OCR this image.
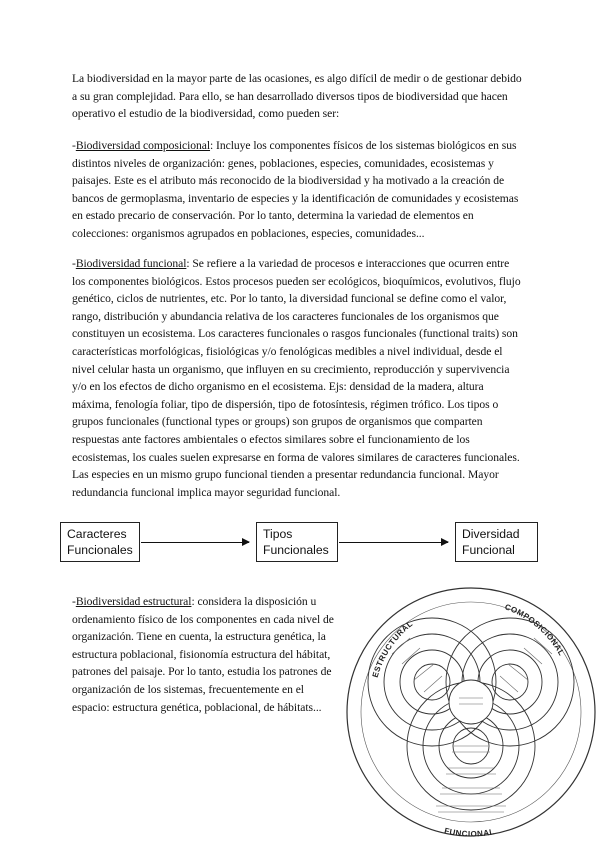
La biodiversidad en la mayor parte de las ocasiones, es algo difícil de medir o de gestionar debido a su gran complejidad. Para ello, se han desarrollado diversos tipos de biodiversidad que hacen operativo el estudio de la biodiversidad, como pueden ser:
-Biodiversidad composicional: Incluye los componentes físicos de los sistemas biológicos en sus distintos niveles de organización: genes, poblaciones, especies, comunidades, ecosistemas y paisajes. Este es el atributo más reconocido de la biodiversidad y ha motivado a la creación de bancos de germoplasma, inventario de especies y la identificación de comunidades y ecosistemas en estado precario de conservación. Por lo tanto, determina la variedad de elementos en colecciones: organismos agrupados en poblaciones, especies, comunidades...
-Biodiversidad funcional: Se refiere a la variedad de procesos e interacciones que ocurren entre los componentes biológicos. Estos procesos pueden ser ecológicos, bioquímicos, evolutivos, flujo genético, ciclos de nutrientes, etc. Por lo tanto, la diversidad funcional se define como el valor, rango, distribución y abundancia relativa de los caracteres funcionales de los organismos que constituyen un ecosistema. Los caracteres funcionales o rasgos funcionales (functional traits) son características morfológicas, fisiológicas y/o fenológicas medibles a nivel individual, desde el nivel celular hasta un organismo, que influyen en su crecimiento, reproducción y supervivencia y/o en los efectos de dicho organismo en el ecosistema. Ejs: densidad de la madera, altura máxima, fenología foliar, tipo de dispersión, tipo de fotosíntesis, régimen trófico. Los tipos o grupos funcionales (functional types or groups) son grupos de organismos que comparten respuestas ante factores ambientales o efectos similares sobre el funcionamiento de los ecosistemas, los cuales suelen expresarse en forma de valores similares de caracteres funcionales. Las especies en un mismo grupo funcional tienden a presentar redundancia funcional. Mayor redundancia funcional implica mayor seguridad funcional.
Caracteres Funcionales
Tipos Funcionales
Diversidad Funcional
-Biodiversidad estructural: considera la disposición u ordenamiento físico de los componentes en cada nivel de organización. Tiene en cuenta, la estructura genética, la estructura poblacional, fisionomía estructura del hábitat, patrones del paisaje. Por lo tanto, estudia los patrones de organización de los sistemas, frecuentemente en el espacio: estructura genética, poblacional, de hábitats...
ESTRUCTURAL
COMPOSICIONAL
FUNCIONAL
